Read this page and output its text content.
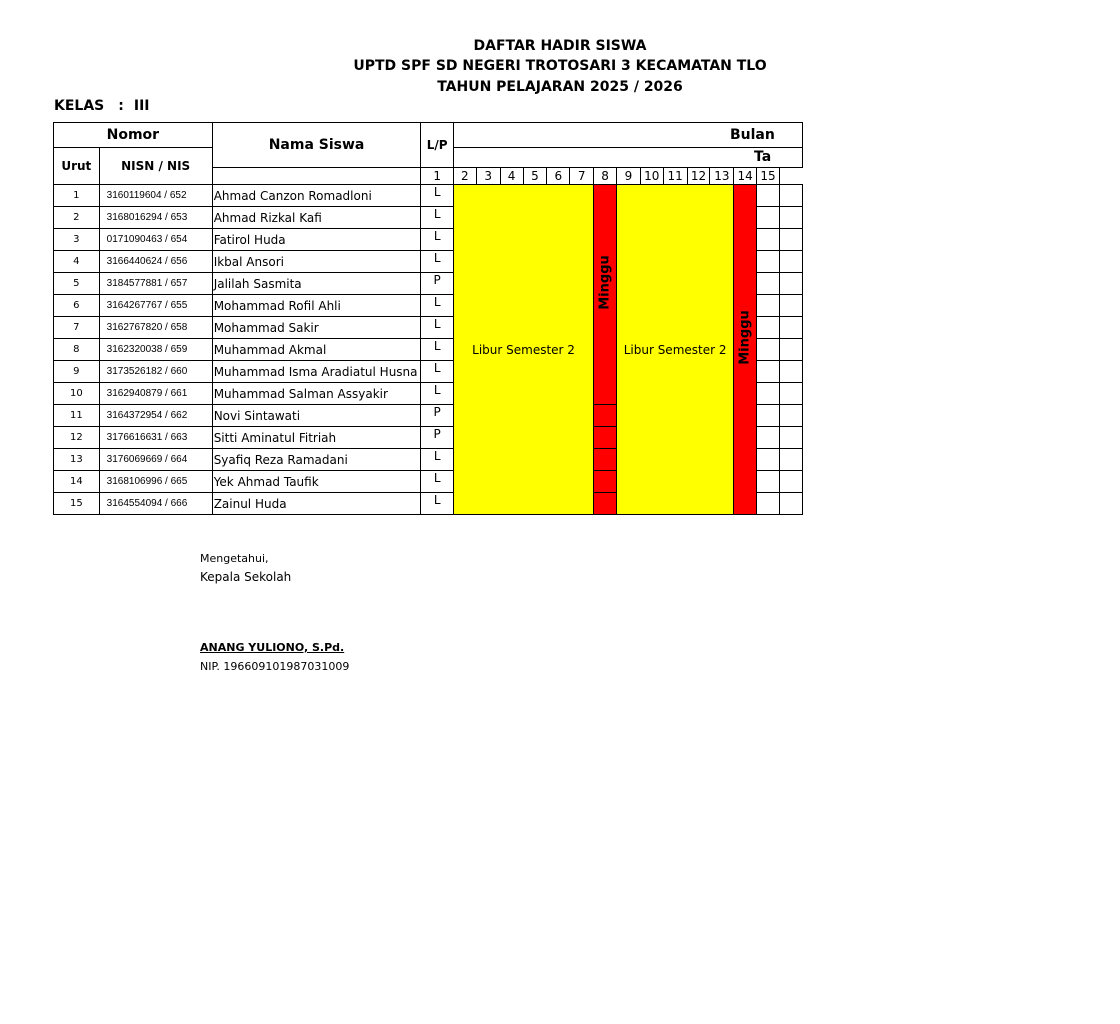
DAFTAR HADIR SISWA
UPTD SPF SD NEGERI TROTOSARI 3 KECAMATAN TLO
TAHUN PELAJARAN 2025 / 2026
KELAS : III
Nomor		Nama Siswa	L/P	Bulan														
Urut	NISN / NIS			Ta														
			1	2	3	4	5	6	7	8	9	10	11	12	13	14	15	
1	3160119604 / 652	Ahmad Canzon Romadloni	L	Libur Semester 2						Minggu	Libur Semester 2					Minggu		

2	3168016294 / 653	Ahmad Rizkal Kafi	L															
3	0171090463 / 654	Fatirol Huda	L															
4	3166440624 / 656	Ikbal Ansori	L															
5	3184577881 / 657	Jalilah Sasmita	P															
6	3164267767 / 655	Mohammad Rofil Ahli	L															
7	3162767820 / 658	Mohammad Sakir	L															
8	3162320038 / 659	Muhammad Akmal	L															
9	3173526182 / 660	Muhammad Isma Aradiatul Husna	L															
10	3162940879 / 661	Muhammad Salman Assyakir	L															
11	3164372954 / 662	Novi Sintawati	P															
12	3176616631 / 663	Sitti Aminatul Fitriah	P															
13	3176069669 / 664	Syafiq Reza Ramadani	L															
14	3168106996 / 665	Yek Ahmad Taufik	L															
15	3164554094 / 666	Zainul Huda	L															
Mengetahui,
Kepala Sekolah
ANANG YULIONO, S.Pd.
NIP. 196609101987031009
